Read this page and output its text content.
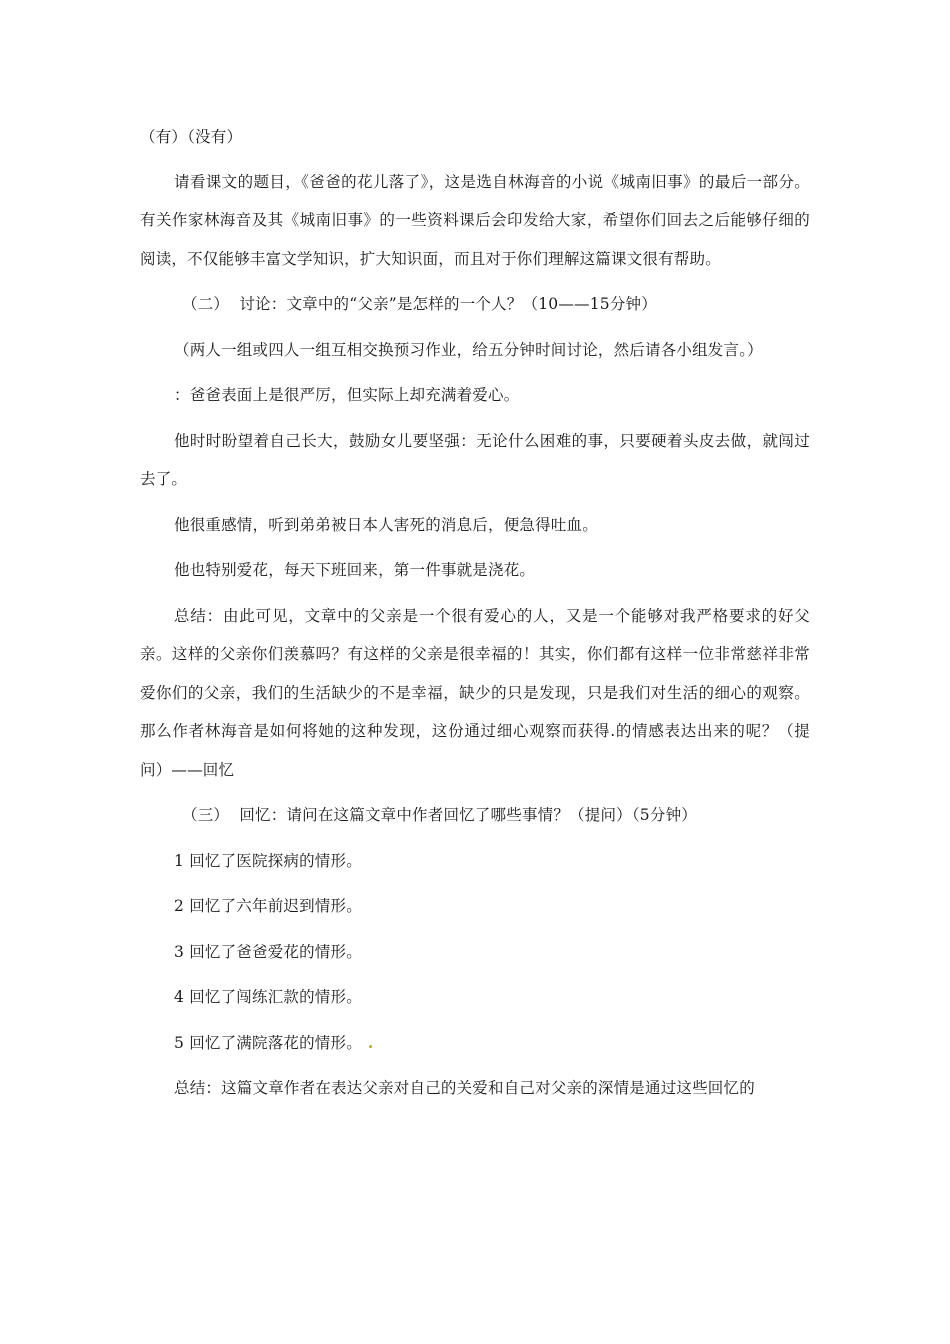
（有）（没有）

请看课文的题目，《爸爸的花儿落了》，这是选自林海音的小说《城南旧事》的最后一部分。有关作家林海音及其《城南旧事》的一些资料课后会印发给大家，希望你们回去之后能够仔细的阅读，不仅能够丰富文学知识，扩大知识面，而且对于你们理解这篇课文很有帮助。

（二）  讨论：文章中的“父亲”是怎样的一个人？（10——15分钟）

（两人一组或四人一组互相交换预习作业，给五分钟时间讨论，然后请各小组发言。）

：爸爸表面上是很严厉，但实际上却充满着爱心。

他时时盼望着自己长大，鼓励女儿要坚强：无论什么困难的事，只要硬着头皮去做，就闯过去了。

他很重感情，听到弟弟被日本人害死的消息后，便急得吐血。

他也特别爱花，每天下班回来，第一件事就是浇花。

总结：由此可见，文章中的父亲是一个很有爱心的人，又是一个能够对我严格要求的好父亲。这样的父亲你们羡慕吗？有这样的父亲是很幸福的！其实，你们都有这样一位非常慈祥非常爱你们的父亲，我们的生活缺少的不是幸福，缺少的只是发现，只是我们对生活的细心的观察。那么作者林海音是如何将她的这种发现，这份通过细心观察而获得.的情感表达出来的呢？（提问）——回忆

（三）  回忆：请问在这篇文章中作者回忆了哪些事情？（提问）（5分钟）

1 回忆了医院探病的情形。

2 回忆了六年前迟到情形。

3 回忆了爸爸爱花的情形。

4 回忆了闯练汇款的情形。

5 回忆了满院落花的情形。 .

总结：这篇文章作者在表达父亲对自己的关爱和自己对父亲的深情是通过这些回忆的
